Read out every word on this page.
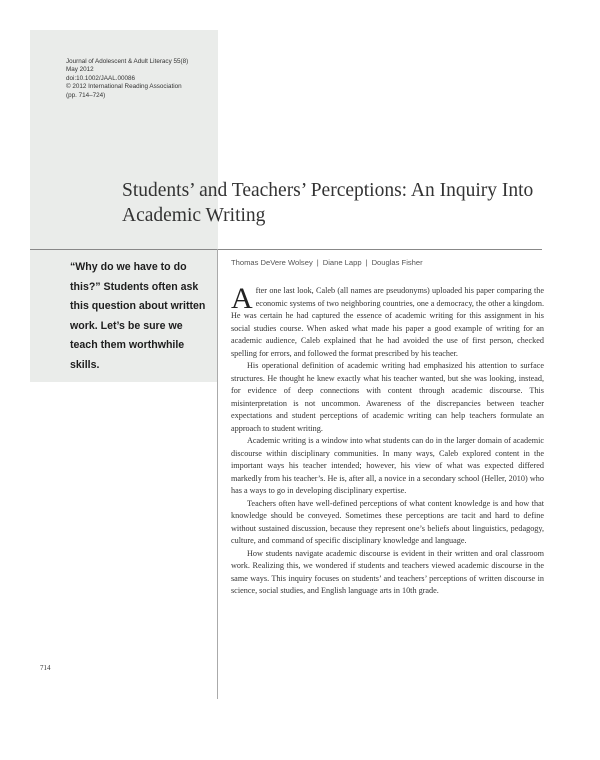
Journal of Adolescent & Adult Literacy 55(8)
May 2012
doi:10.1002/JAAL.00086
© 2012 International Reading Association
(pp. 714–724)
Students’ and Teachers’ Perceptions: An Inquiry Into Academic Writing
“Why do we have to do this?” Students often ask this question about written work. Let’s be sure we teach them worthwhile skills.
Thomas DeVere Wolsey | Diane Lapp | Douglas Fisher

After one last look, Caleb (all names are pseudonyms) uploaded his paper comparing the economic systems of two neighboring countries, one a democracy, the other a kingdom. He was certain he had captured the essence of academic writing for this assignment in his social studies course. When asked what made his paper a good example of writing for an academic audience, Caleb explained that he had avoided the use of first person, checked spelling for errors, and followed the format prescribed by his teacher.

His operational definition of academic writing had emphasized his attention to surface structures. He thought he knew exactly what his teacher wanted, but she was looking, instead, for evidence of deep connections with content through academic discourse. This misinterpretation is not uncommon. Awareness of the discrepancies between teacher expectations and student perceptions of academic writing can help teachers formulate an approach to student writing.

Academic writing is a window into what students can do in the larger domain of academic discourse within disciplinary communities. In many ways, Caleb explored content in the important ways his teacher intended; however, his view of what was expected differed markedly from his teacher’s. He is, after all, a novice in a secondary school (Heller, 2010) who has a ways to go in developing disciplinary expertise.

Teachers often have well-defined perceptions of what content knowledge is and how that knowledge should be conveyed. Sometimes these perceptions are tacit and hard to define without sustained discussion, because they represent one’s beliefs about linguistics, pedagogy, culture, and command of specific disciplinary knowledge and language.

How students navigate academic discourse is evident in their written and oral classroom work. Realizing this, we wondered if students and teachers viewed academic discourse in the same ways. This inquiry focuses on students’ and teachers’ perceptions of written discourse in science, social studies, and English language arts in 10th grade.

714
